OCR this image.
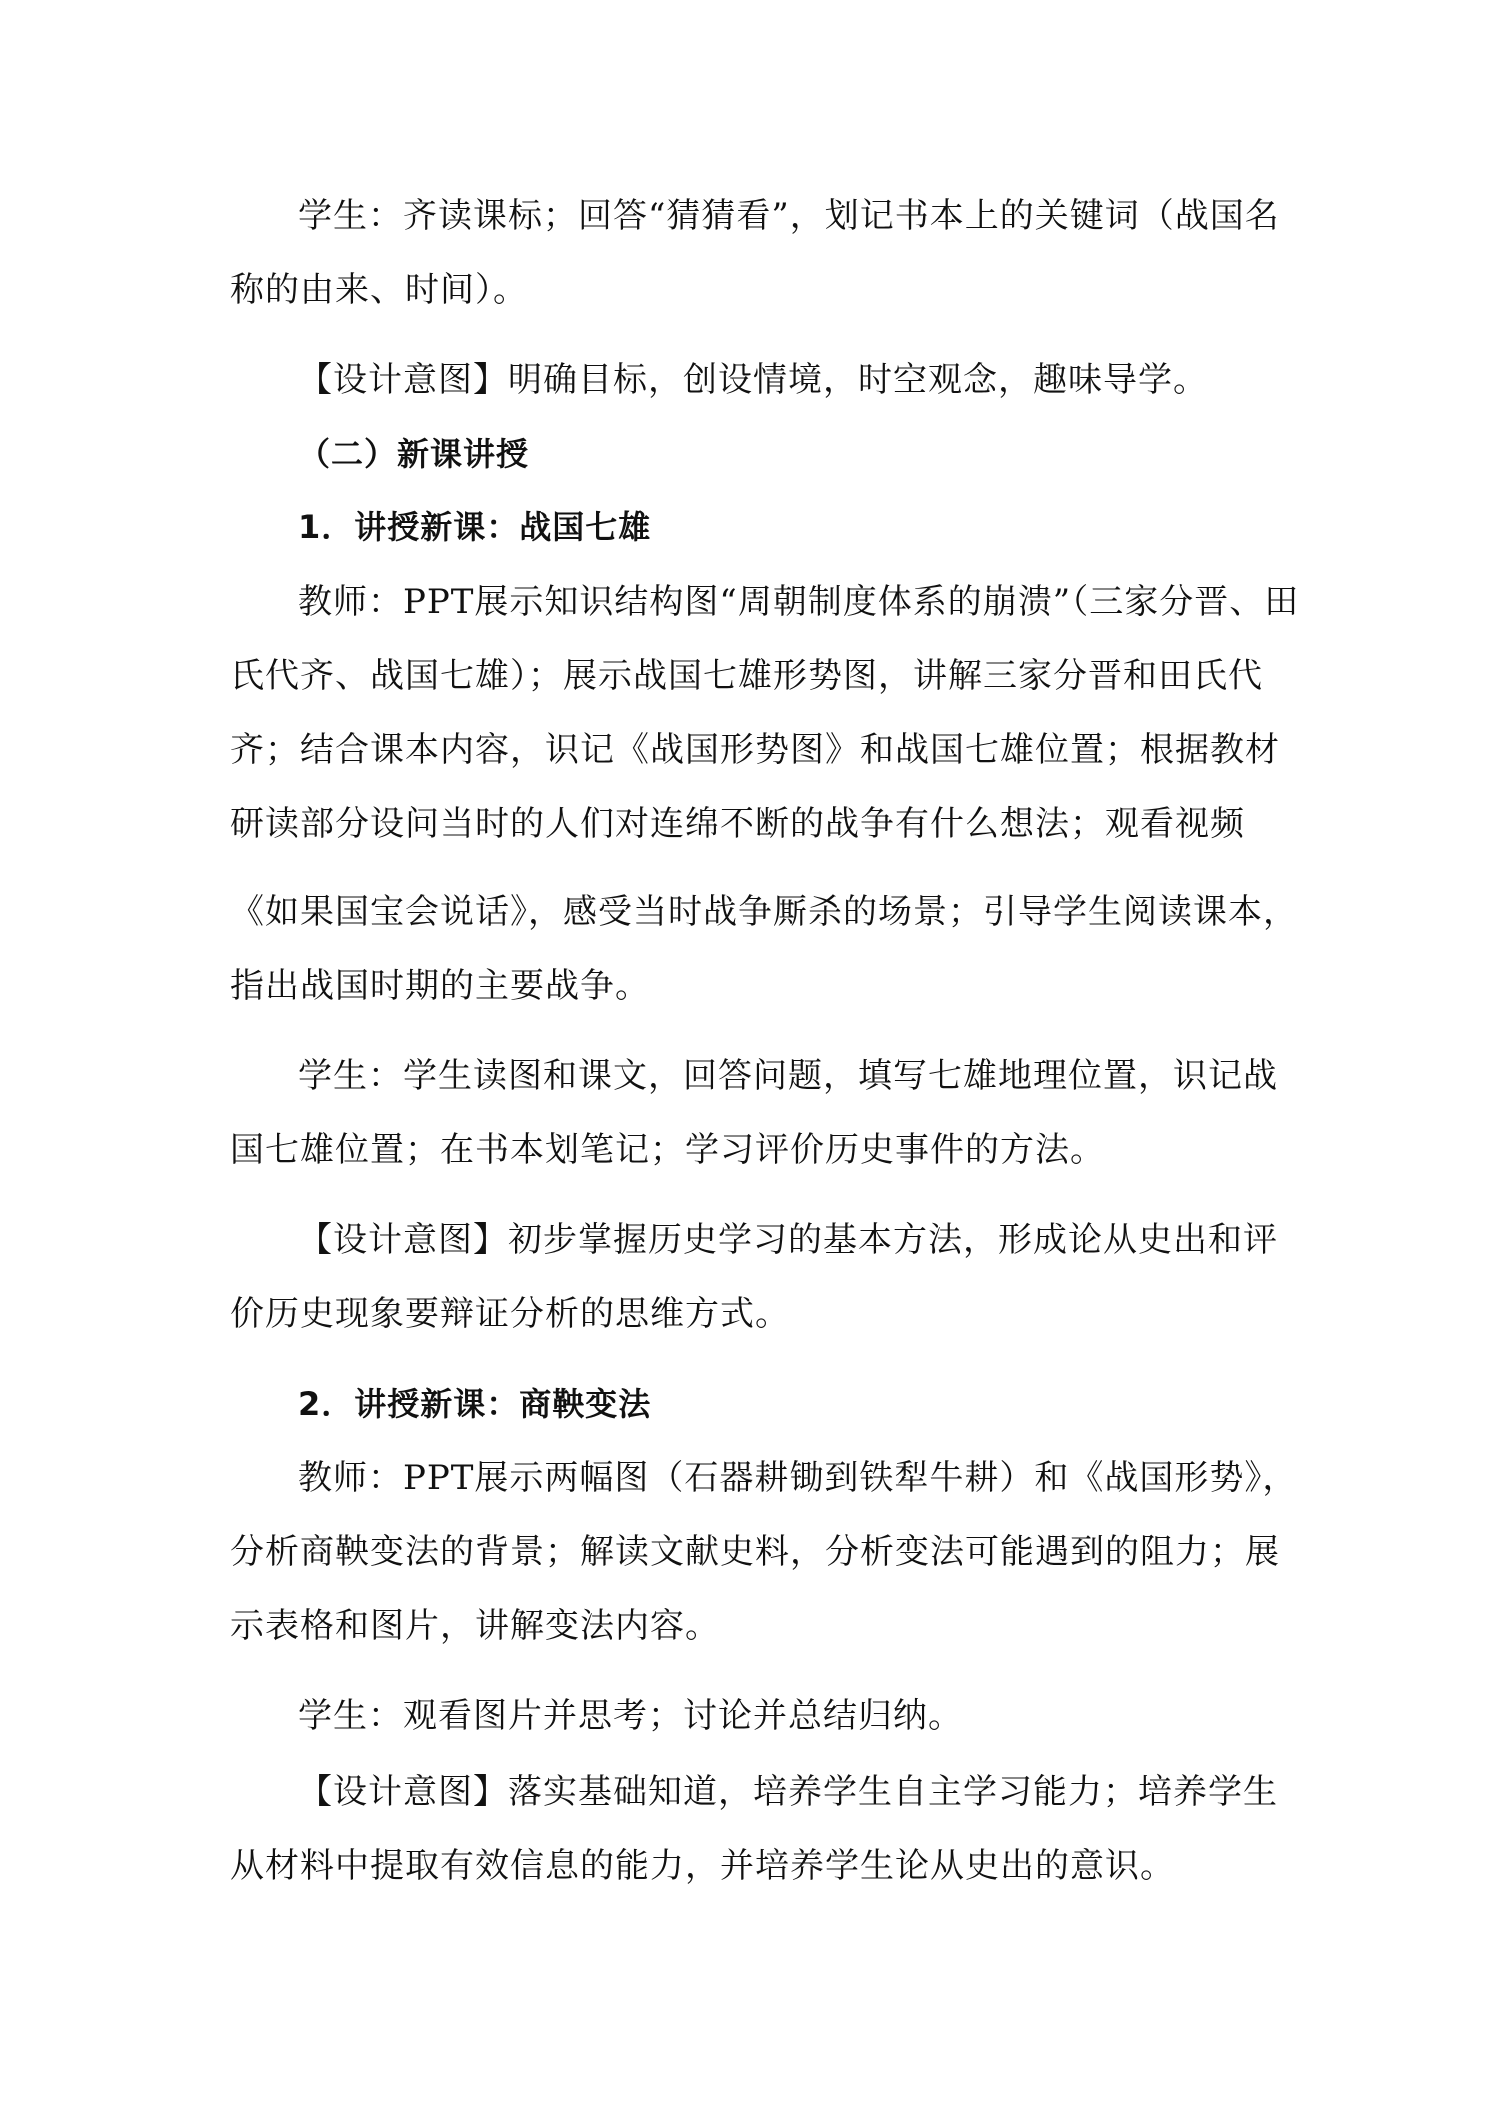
学生：齐读课标；回答“猜猜看”，划记书本上的关键词（战国名
称的由来、时间）。
【设计意图】明确目标，创设情境，时空观念，趣味导学。
（二）新课讲授
1．讲授新课：战国七雄
教师：PPT展示知识结构图“周朝制度体系的崩溃”（三家分晋、田
氏代齐、战国七雄）；展示战国七雄形势图，讲解三家分晋和田氏代
齐；结合课本内容，识记《战国形势图》和战国七雄位置；根据教材
研读部分设问当时的人们对连绵不断的战争有什么想法；观看视频
《如果国宝会说话》，感受当时战争厮杀的场景；引导学生阅读课本，
指出战国时期的主要战争。
学生：学生读图和课文，回答问题，填写七雄地理位置，识记战
国七雄位置；在书本划笔记；学习评价历史事件的方法。
【设计意图】初步掌握历史学习的基本方法，形成论从史出和评
价历史现象要辩证分析的思维方式。
2．讲授新课：商鞅变法
教师：PPT展示两幅图（石器耕锄到铁犁牛耕）和《战国形势》，
分析商鞅变法的背景；解读文献史料，分析变法可能遇到的阻力；展
示表格和图片，讲解变法内容。
学生：观看图片并思考；讨论并总结归纳。
【设计意图】落实基础知道，培养学生自主学习能力；培养学生
从材料中提取有效信息的能力，并培养学生论从史出的意识。
